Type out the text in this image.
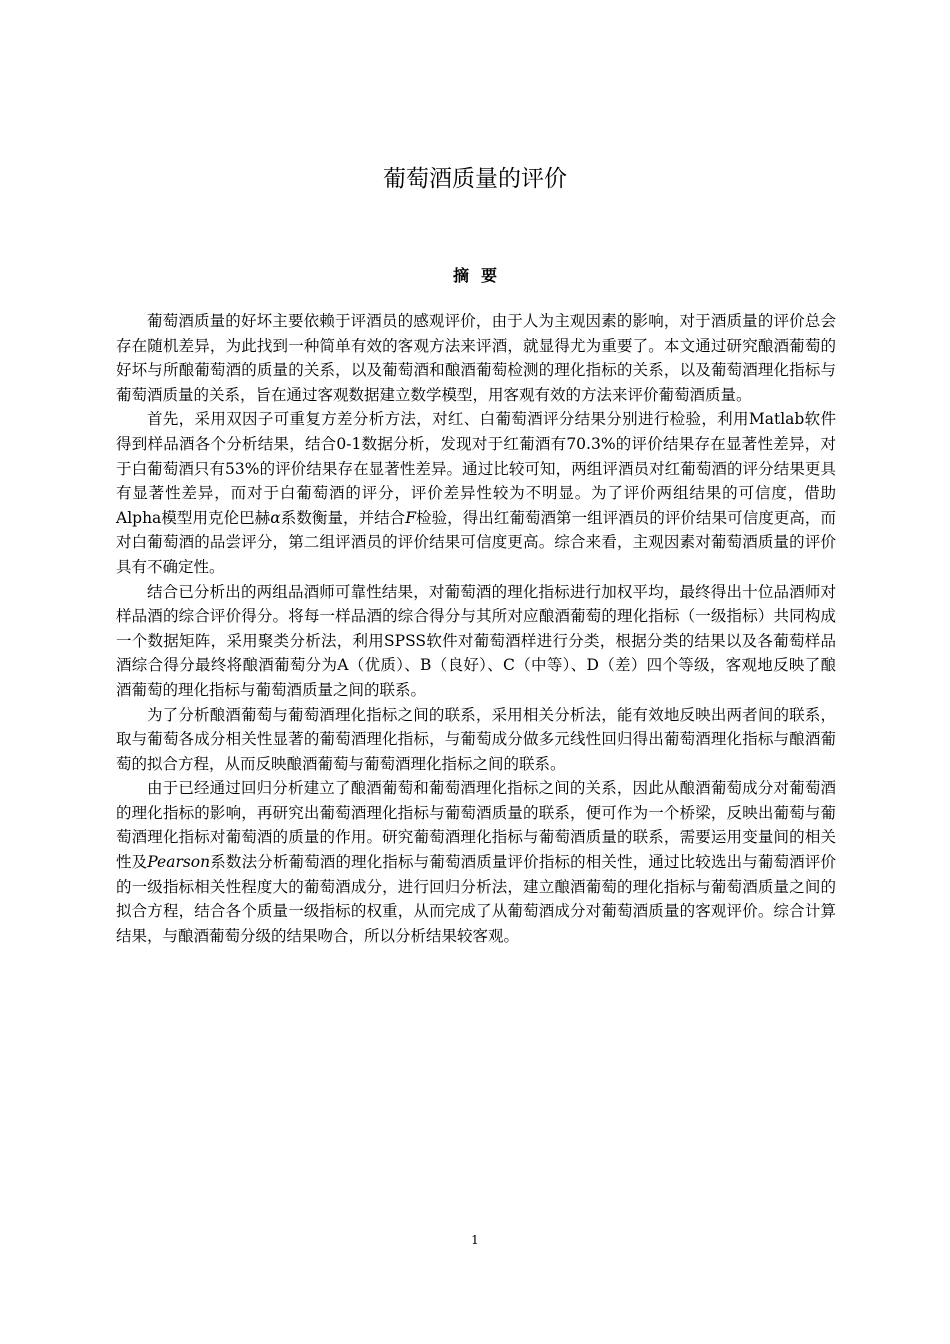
葡萄酒质量的评价
摘要

葡萄酒质量的好坏主要依赖于评酒员的感观评价，由于人为主观因素的影响，对于酒质量的评价总会存在随机差异，为此找到一种简单有效的客观方法来评酒，就显得尤为重要了。本文通过研究酿酒葡萄的好坏与所酿葡萄酒的质量的关系，以及葡萄酒和酿酒葡萄检测的理化指标的关系，以及葡萄酒理化指标与葡萄酒质量的关系，旨在通过客观数据建立数学模型，用客观有效的方法来评价葡萄酒质量。

首先，采用双因子可重复方差分析方法，对红、白葡萄酒评分结果分别进行检验，利用Matlab软件得到样品酒各个分析结果，结合0-1数据分析，发现对于红葡酒有70.3%的评价结果存在显著性差异，对于白葡萄酒只有53%的评价结果存在显著性差异。通过比较可知，两组评酒员对红葡萄酒的评分结果更具有显著性差异，而对于白葡萄酒的评分，评价差异性较为不明显。为了评价两组结果的可信度，借助Alpha模型用克伦巴赫α系数衡量，并结合F检验，得出红葡萄酒第一组评酒员的评价结果可信度更高，而对白葡萄酒的品尝评分，第二组评酒员的评价结果可信度更高。综合来看，主观因素对葡萄酒质量的评价具有不确定性。

结合已分析出的两组品酒师可靠性结果，对葡萄酒的理化指标进行加权平均，最终得出十位品酒师对样品酒的综合评价得分。将每一样品酒的综合得分与其所对应酿酒葡萄的理化指标（一级指标）共同构成一个数据矩阵，采用聚类分析法，利用SPSS软件对葡萄酒样进行分类，根据分类的结果以及各葡萄样品酒综合得分最终将酿酒葡萄分为A（优质）、B（良好）、C（中等）、D（差）四个等级，客观地反映了酿酒葡萄的理化指标与葡萄酒质量之间的联系。

为了分析酿酒葡萄与葡萄酒理化指标之间的联系，采用相关分析法，能有效地反映出两者间的联系，取与葡萄各成分相关性显著的葡萄酒理化指标，与葡萄成分做多元线性回归得出葡萄酒理化指标与酿酒葡萄的拟合方程，从而反映酿酒葡萄与葡萄酒理化指标之间的联系。

由于已经通过回归分析建立了酿酒葡萄和葡萄酒理化指标之间的关系，因此从酿酒葡萄成分对葡萄酒的理化指标的影响，再研究出葡萄酒理化指标与葡萄酒质量的联系，便可作为一个桥梁，反映出葡萄与葡萄酒理化指标对葡萄酒的质量的作用。研究葡萄酒理化指标与葡萄酒质量的联系，需要运用变量间的相关性及Pearson系数法分析葡萄酒的理化指标与葡萄酒质量评价指标的相关性，通过比较选出与葡萄酒评价的一级指标相关性程度大的葡萄酒成分，进行回归分析法，建立酿酒葡萄的理化指标与葡萄酒质量之间的拟合方程，结合各个质量一级指标的权重，从而完成了从葡萄酒成分对葡萄酒质量的客观评价。综合计算结果，与酿酒葡萄分级的结果吻合，所以分析结果较客观。

1
